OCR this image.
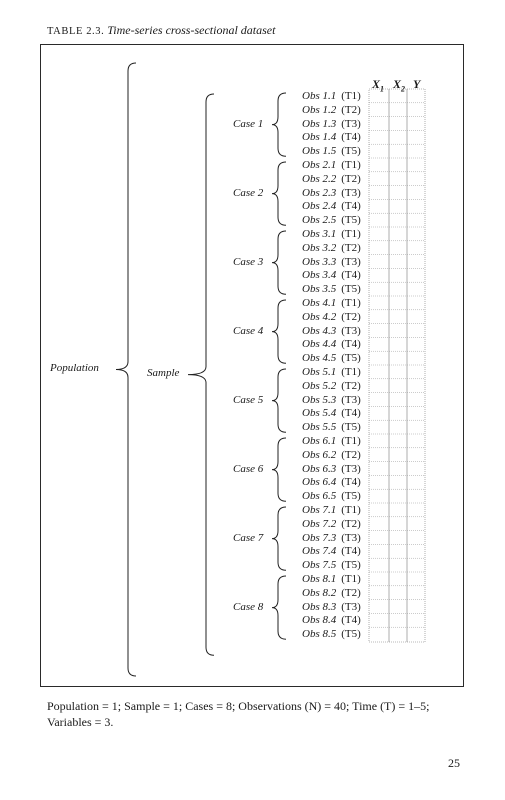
TABLE 2.3. Time-series cross-sectional dataset
$X_1$ $X_2$ Y
Obs 1.1 (T1)
Obs 1.2 (T2)
Obs 1.3 (T3)
Obs 1.4 (T4)
Obs 1.5 (T5)
Case 1
Obs 2.1 (T1)
Obs 2.2 (T2)
Obs 2.3 (T3)
Obs 2.4 (T4)
Obs 2.5 (T5)
Case 2
Obs 3.1 (T1)
Obs 3.2 (T2)
Obs 3.3 (T3)
Obs 3.4 (T4)
Obs 3.5 (T5)
Case 3
Obs 4.1 (T1)
Obs 4.2 (T2)
Obs 4.3 (T3)
Obs 4.4 (T4)
Obs 4.5 (T5)
Case 4
Obs 5.1 (T1)
Obs 5.2 (T2)
Obs 5.3 (T3)
Obs 5.4 (T4)
Obs 5.5 (T5)
Case 5
Obs 6.1 (T1)
Obs 6.2 (T2)
Obs 6.3 (T3)
Obs 6.4 (T4)
Obs 6.5 (T5)
Case 6
Obs 7.1 (T1)
Obs 7.2 (T2)
Obs 7.3 (T3)
Obs 7.4 (T4)
Obs 7.5 (T5)
Case 7
Obs 8.1 (T1)
Obs 8.2 (T2)
Obs 8.3 (T3)
Obs 8.4 (T4)
Obs 8.5 (T5)
Case 8
Sample
Population
Population = 1; Sample = 1; Cases = 8; Observations (N) = 40; Time (T) = 1–5; Variables = 3.
25
